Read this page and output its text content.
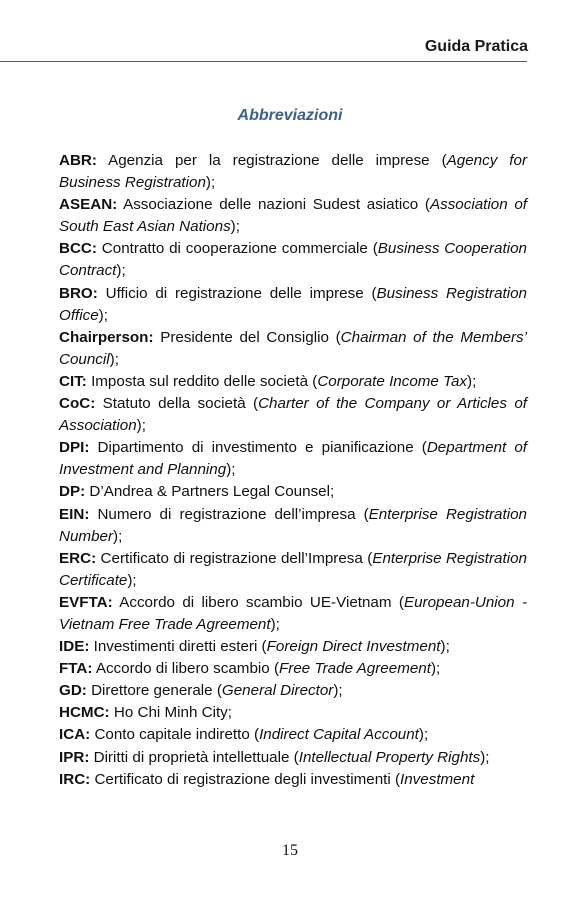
Guida Pratica
Abbreviazioni
ABR: Agenzia per la registrazione delle imprese (Agency for Business Registration);
ASEAN: Associazione delle nazioni Sudest asiatico (Association of South East Asian Nations);
BCC: Contratto di cooperazione commerciale (Business Cooperation Contract);
BRO: Ufficio di registrazione delle imprese (Business Registration Office);
Chairperson: Presidente del Consiglio (Chairman of the Members’ Council);
CIT: Imposta sul reddito delle società (Corporate Income Tax);
CoC: Statuto della società (Charter of the Company or Articles of Association);
DPI: Dipartimento di investimento e pianificazione (Department of Investment and Planning);
DP: D’Andrea & Partners Legal Counsel;
EIN: Numero di registrazione dell’impresa (Enterprise Registration Number);
ERC: Certificato di registrazione dell’Impresa (Enterprise Registration Certificate);
EVFTA: Accordo di libero scambio UE-Vietnam (European-Union - Vietnam Free Trade Agreement);
IDE: Investimenti diretti esteri (Foreign Direct Investment);
FTA: Accordo di libero scambio (Free Trade Agreement);
GD: Direttore generale (General Director);
HCMC: Ho Chi Minh City;
ICA: Conto capitale indiretto (Indirect Capital Account);
IPR: Diritti di proprietà intellettuale (Intellectual Property Rights);
IRC: Certificato di registrazione degli investimenti (Investment
15
